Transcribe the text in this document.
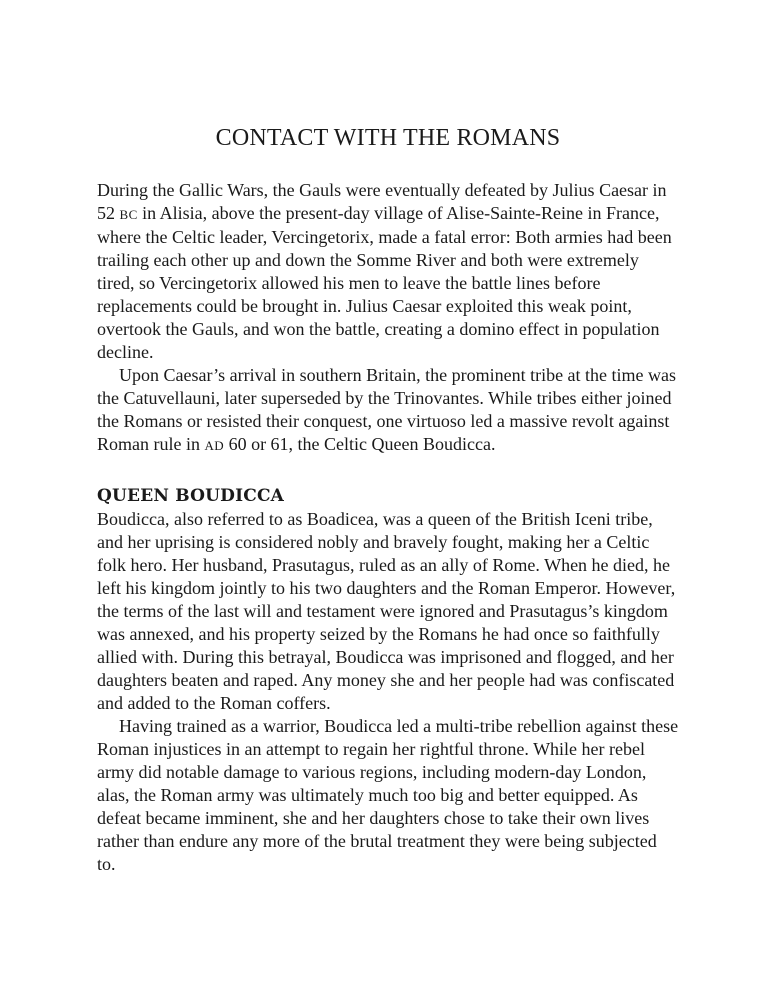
CONTACT WITH THE ROMANS

During the Gallic Wars, the Gauls were eventually defeated by Julius Caesar in 52 BC in Alisia, above the present-day village of Alise-Sainte-Reine in France, where the Celtic leader, Vercingetorix, made a fatal error: Both armies had been trailing each other up and down the Somme River and both were extremely tired, so Vercingetorix allowed his men to leave the battle lines before replacements could be brought in. Julius Caesar exploited this weak point, overtook the Gauls, and won the battle, creating a domino effect in population decline.

Upon Caesar’s arrival in southern Britain, the prominent tribe at the time was the Catuvellauni, later superseded by the Trinovantes. While tribes either joined the Romans or resisted their conquest, one virtuoso led a massive revolt against Roman rule in AD 60 or 61, the Celtic Queen Boudicca.

QUEEN BOUDICCA

Boudicca, also referred to as Boadicea, was a queen of the British Iceni tribe, and her uprising is considered nobly and bravely fought, making her a Celtic folk hero. Her husband, Prasutagus, ruled as an ally of Rome. When he died, he left his kingdom jointly to his two daughters and the Roman Emperor. However, the terms of the last will and testament were ignored and Prasutagus’s kingdom was annexed, and his property seized by the Romans he had once so faithfully allied with. During this betrayal, Boudicca was imprisoned and flogged, and her daughters beaten and raped. Any money she and her people had was confiscated and added to the Roman coffers.

Having trained as a warrior, Boudicca led a multi-tribe rebellion against these Roman injustices in an attempt to regain her rightful throne. While her rebel army did notable damage to various regions, including modern-day London, alas, the Roman army was ultimately much too big and better equipped. As defeat became imminent, she and her daughters chose to take their own lives rather than endure any more of the brutal treatment they were being subjected to.
